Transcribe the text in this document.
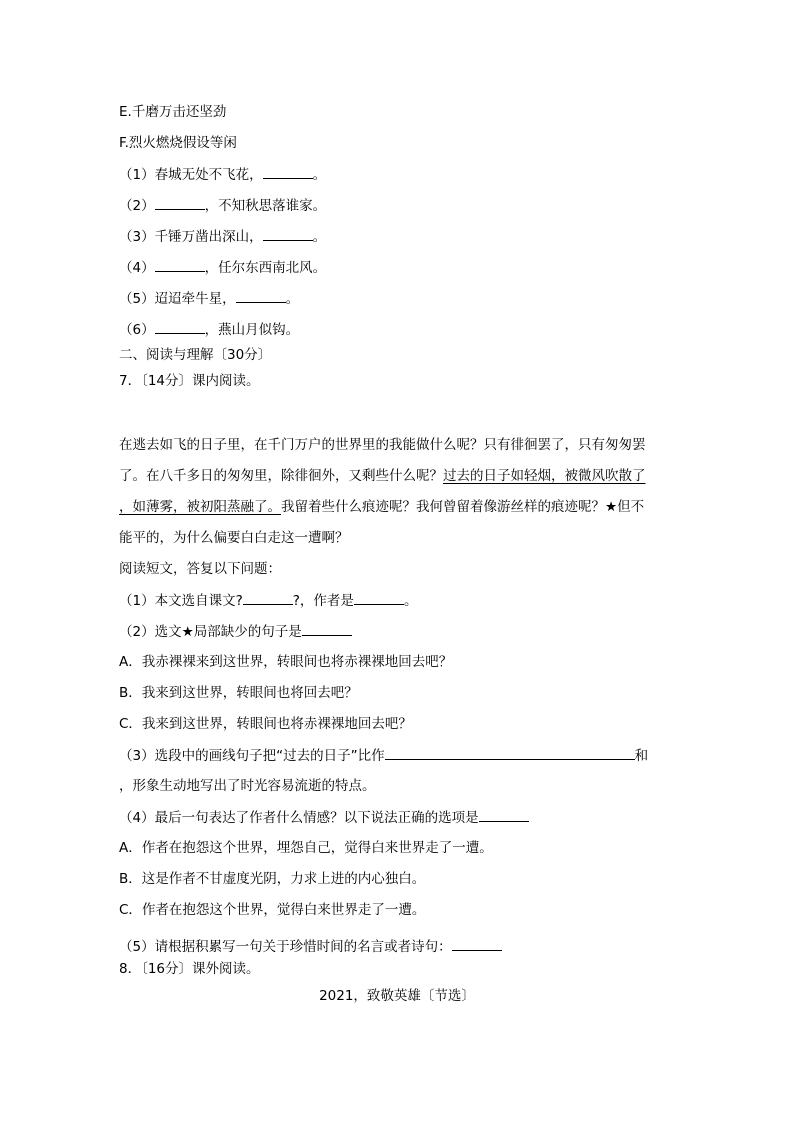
E.千磨万击还坚劲
F.烈火燃烧假设等闲
（1）春城无处不飞花，	。
（2）	，不知秋思落谁家。
（3）千锤万凿出深山，	。
（4）	，任尔东西南北风。
（5）迢迢牵牛星，	。
（6）	，燕山月似钩。
二、阅读与理解〔30分〕
7．〔14分〕课内阅读。
在逃去如飞的日子里，在千门万户的世界里的我能做什么呢？只有徘徊罢了，只有匆匆罢
了。在八千多日的匆匆里，除徘徊外，又剩些什么呢？过去的日子如轻烟，被微风吹散了
，如薄雾，被初阳蒸融了。我留着些什么痕迹呢？我何曾留着像游丝样的痕迹呢？★但不
能平的，为什么偏要白白走这一遭啊？
阅读短文，答复以下问题：
（1）本文选自课文?	?，作者是	。
（2）选文★局部缺少的句子是
A．我赤裸裸来到这世界，转眼间也将赤裸裸地回去吧？
B．我来到这世界，转眼间也将回去吧？
C．我来到这世界，转眼间也将赤裸裸地回去吧？
（3）选段中的画线句子把“过去的日子”比作	和
，形象生动地写出了时光容易流逝的特点。
（4）最后一句表达了作者什么情感？以下说法正确的选项是
A．作者在抱怨这个世界，埋怨自己，觉得白来世界走了一遭。
B．这是作者不甘虚度光阴，力求上进的内心独白。
C．作者在抱怨这个世界，觉得白来世界走了一遭。
（5）请根据积累写一句关于珍惜时间的名言或者诗句：
8．〔16分〕课外阅读。
2021，致敬英雄〔节选〕
